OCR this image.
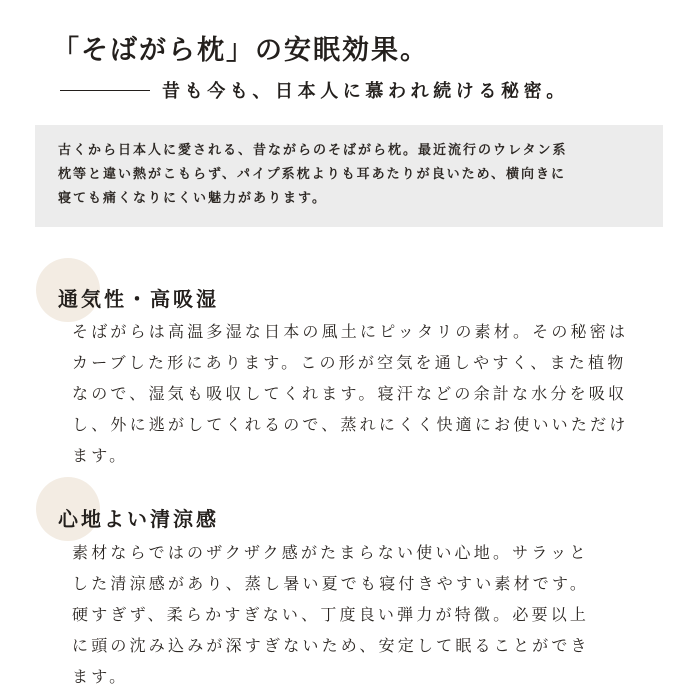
「そばがら枕」の安眠効果。
昔も今も、日本人に慕われ続ける秘密。

古くから日本人に愛される、昔ながらのそばがら枕。最近流行のウレタン系
枕等と違い熱がこもらず、パイプ系枕よりも耳あたりが良いため、横向きに
寝ても痛くなりにくい魅力があります。

通気性・高吸湿

そばがらは高温多湿な日本の風土にピッタリの素材。その秘密は
カーブした形にあります。この形が空気を通しやすく、また植物
なので、湿気も吸収してくれます。寝汗などの余計な水分を吸収
し、外に逃がしてくれるので、蒸れにくく快適にお使いいただけ
ます。

心地よい清涼感

素材ならではのザクザク感がたまらない使い心地。サラッと
した清涼感があり、蒸し暑い夏でも寝付きやすい素材です。
硬すぎず、柔らかすぎない、丁度良い弾力が特徴。必要以上
に頭の沈み込みが深すぎないため、安定して眠ることができ
ます。
